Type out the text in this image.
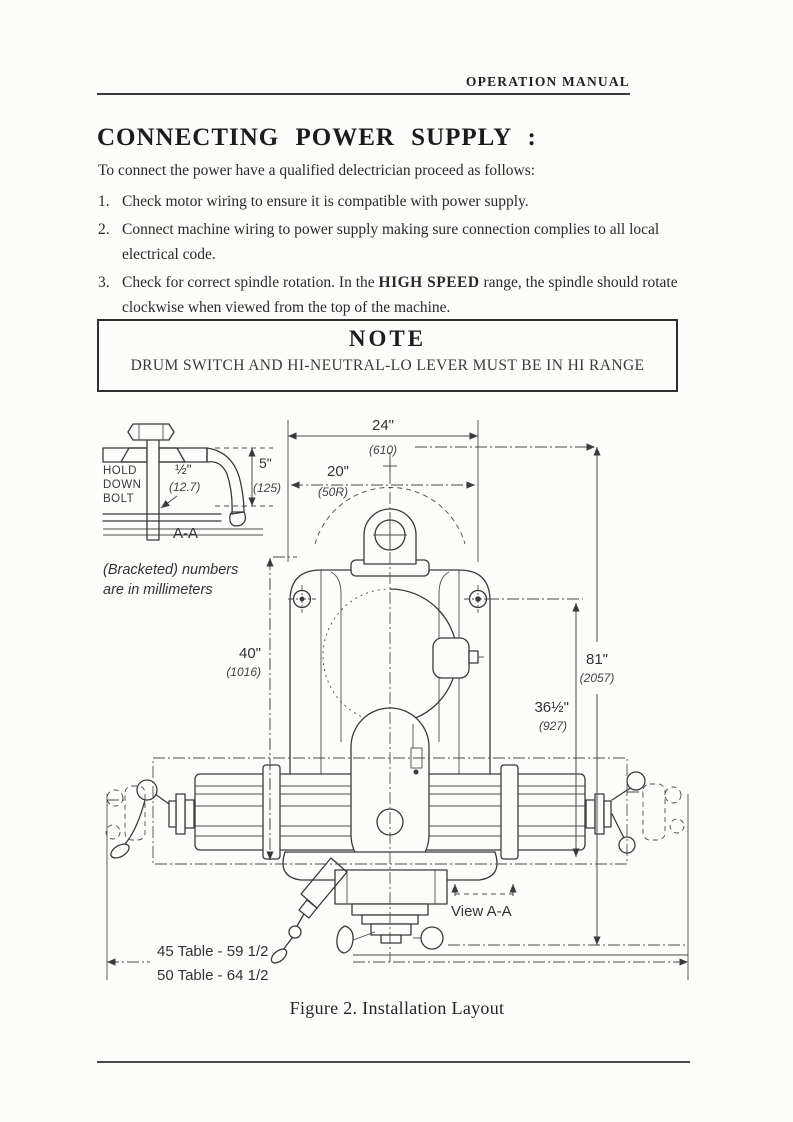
OPERATION MANUAL
CONNECTING POWER SUPPLY :
To connect the power have a qualified delectrician proceed as follows:
1. Check motor wiring to ensure it is compatible with power supply.
2. Connect machine wiring to power supply making sure connection complies to all local electrical code.
3. Check for correct spindle rotation. In the HIGH SPEED range, the spindle should rotate clockwise when viewed from the top of the machine.
NOTE
DRUM SWITCH AND HI-NEUTRAL-LO LEVER MUST BE IN HI RANGE
HOLD
DOWN
BOLT
½"
(12.7)
5"
(125)
A-A
(Bracketed) numbers
are in millimeters
24"
(610)
20"
(50R)
81"
(2057)
36½"
(927)
40"
(1016)
45 Table - 59 1/2
50 Table - 64 1/2
View A-A
Figure 2. Installation Layout
